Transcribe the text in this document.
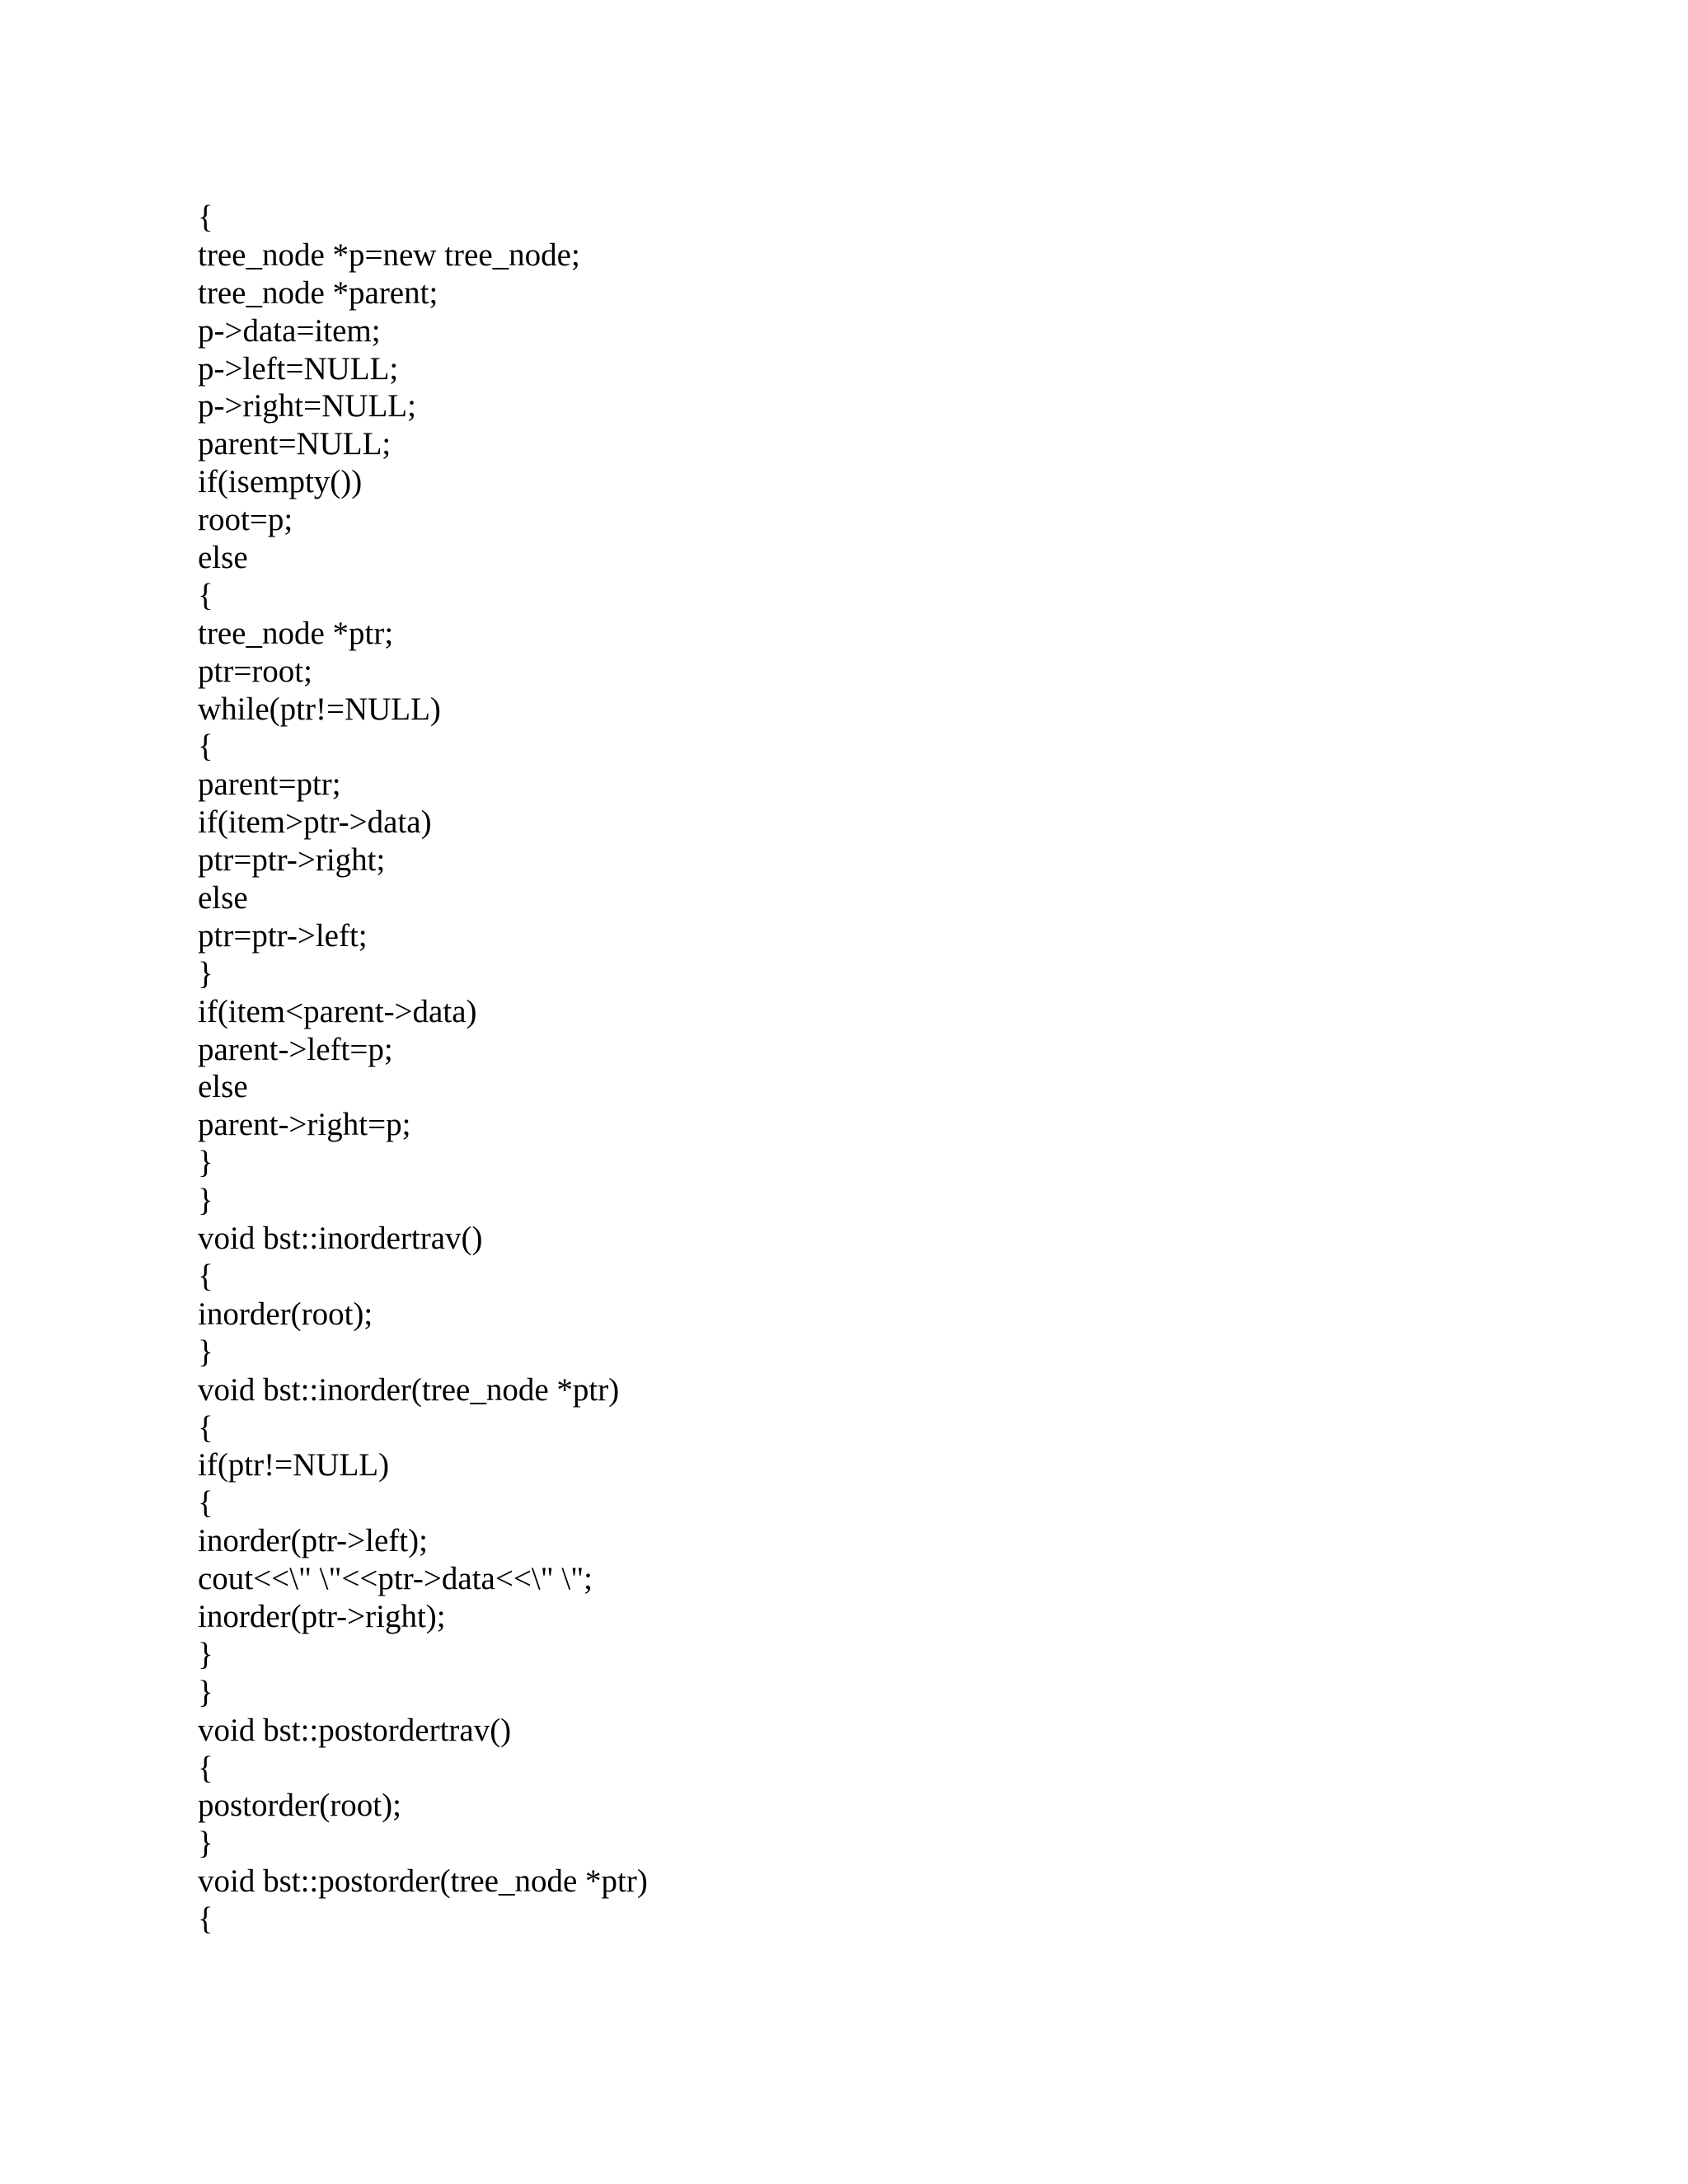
{
tree_node *p=new tree_node;
tree_node *parent;
p->data=item;
p->left=NULL;
p->right=NULL;
parent=NULL;
if(isempty())
root=p;
else
{
tree_node *ptr;
ptr=root;
while(ptr!=NULL)
{
parent=ptr;
if(item>ptr->data)
ptr=ptr->right;
else
ptr=ptr->left;
}
if(item<parent->data)
parent->left=p;
else
parent->right=p;
}
}
void bst::inordertrav()
{
inorder(root);
}
void bst::inorder(tree_node *ptr)
{
if(ptr!=NULL)
{
inorder(ptr->left);
cout<<\" \"<<ptr->data<<\" \";
inorder(ptr->right);
}
}
void bst::postordertrav()
{
postorder(root);
}
void bst::postorder(tree_node *ptr)
{
